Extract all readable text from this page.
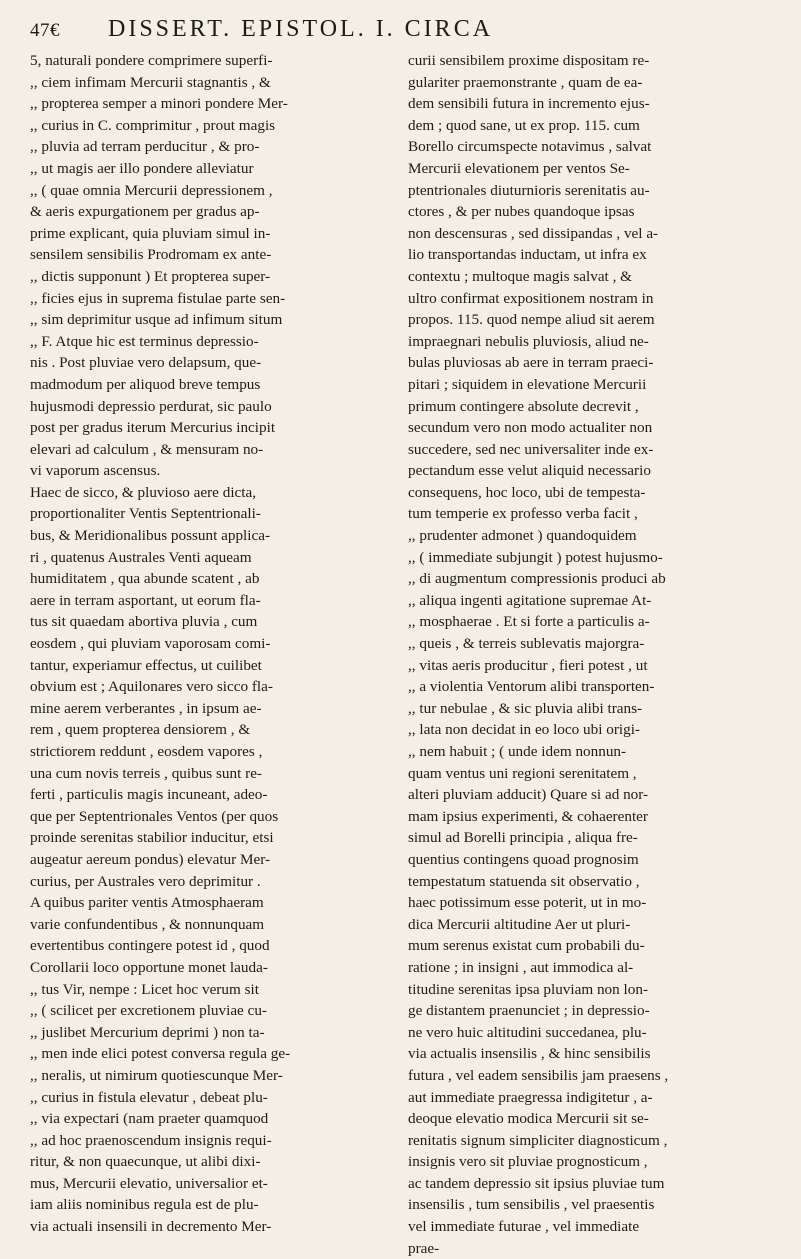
47€ DISSERT. EPISTOL. I. CIRCA

5, naturali pondere comprimere superfi-

,, ciem infimam Mercurii stagnantis , &

,, propterea semper a minori pondere Mer-

,, curius in C. comprimitur , prout magis

,, pluvia ad terram perducitur , & pro-

,, ut magis aer illo pondere alleviatur

,, ( quae omnia Mercurii depressionem ,

& aeris expurgationem per gradus ap-

prime explicant, quia pluviam simul in-

sensilem sensibilis Prodromam ex ante-

,, dictis supponunt ) Et propterea super-

,, ficies ejus in suprema fistulae parte sen-

,, sim deprimitur usque ad infimum situm

,, F. Atque hic est terminus depressio-

nis . Post pluviae vero delapsum, que-

madmodum per aliquod breve tempus

hujusmodi depressio perdurat, sic paulo

post per gradus iterum Mercurius incipit

elevari ad calculum , & mensuram no-

vi vaporum ascensus.

Haec de sicco, & pluvioso aere dicta,

proportionaliter Ventis Septentrionali-

bus, & Meridionalibus possunt applica-

ri , quatenus Australes Venti aqueam

humiditatem , qua abunde scatent , ab

aere in terram asportant, ut eorum fla-

tus sit quaedam abortiva pluvia , cum

eosdem , qui pluviam vaporosam comi-

tantur, experiamur effectus, ut cuilibet

obvium est ; Aquilonares vero sicco fla-

mine aerem verberantes , in ipsum ae-

rem , quem propterea densiorem , &

strictiorem reddunt , eosdem vapores ,

una cum novis terreis , quibus sunt re-

ferti , particulis magis incuneant, adeo-

que per Septentrionales Ventos (per quos

proinde serenitas stabilior inducitur, etsi

augeatur aereum pondus) elevatur Mer-

curius, per Australes vero deprimitur .

A quibus pariter ventis Atmosphaeram

varie confundentibus , & nonnunquam

evertentibus contingere potest id , quod

Corollarii loco opportune monet lauda-

,, tus Vir, nempe : Licet hoc verum sit

,, ( scilicet per excretionem pluviae cu-

,, juslibet Mercurium deprimi ) non ta-

,, men inde elici potest conversa regula ge-

,, neralis, ut nimirum quotiescunque Mer-

,, curius in fistula elevatur , debeat plu-

,, via expectari (nam praeter quamquod

,, ad hoc praenoscendum insignis requi-

ritur, & non quaecunque, ut alibi dixi-

mus, Mercurii elevatio, universalior et-

iam aliis nominibus regula est de plu-

via actuali insensili in decremento Mer-

curii sensibilem proxime dispositam re-

gulariter praemonstrante , quam de ea-

dem sensibili futura in incremento ejus-

dem ; quod sane, ut ex prop. 115. cum

Borello circumspecte notavimus , salvat

Mercurii elevationem per ventos Se-

ptentrionales diuturnioris serenitatis au-

ctores , & per nubes quandoque ipsas

non descensuras , sed dissipandas , vel a-

lio transportandas inductam, ut infra ex

contextu ; multoque magis salvat , &

ultro confirmat expositionem nostram in

propos. 115. quod nempe aliud sit aerem

impraegnari nebulis pluviosis, aliud ne-

bulas pluviosas ab aere in terram praeci-

pitari ; siquidem in elevatione Mercurii

primum contingere absolute decrevit ,

secundum vero non modo actualiter non

succedere, sed nec universaliter inde ex-

pectandum esse velut aliquid necessario

consequens, hoc loco, ubi de tempesta-

tum temperie ex professo verba facit ,

,, prudenter admonet ) quandoquidem

,, ( immediate subjungit ) potest hujusmo-

,, di augmentum compressionis produci ab

,, aliqua ingenti agitatione supremae At-

,, mosphaerae . Et si forte a particulis a-

,, queis , & terreis sublevatis majorgra-

,, vitas aeris producitur , fieri potest , ut

,, a violentia Ventorum alibi transporten-

,, tur nebulae , & sic pluvia alibi trans-

,, lata non decidat in eo loco ubi origi-

,, nem habuit ; ( unde idem nonnun-

quam ventus uni regioni serenitatem ,

alteri pluviam adducit) Quare si ad nor-

mam ipsius experimenti, & cohaerenter

simul ad Borelli principia , aliqua fre-

quentius contingens quoad prognosim

tempestatum statuenda sit observatio ,

haec potissimum esse poterit, ut in mo-

dica Mercurii altitudine Aer ut pluri-

mum serenus existat cum probabili du-

ratione ; in insigni , aut immodica al-

titudine serenitas ipsa pluviam non lon-

ge distantem praenunciet ; in depressio-

ne vero huic altitudini succedanea, plu-

via actualis insensilis , & hinc sensibilis

futura , vel eadem sensibilis jam praesens ,

aut immediate praegressa indigitetur , a-

deoque elevatio modica Mercurii sit se-

renitatis signum simpliciter diagnosticum ,

insignis vero sit pluviae prognosticum ,

ac tandem depressio sit ipsius pluviae tum

insensilis , tum sensibilis , vel praesentis

vel immediate futurae , vel immediate

prae-
